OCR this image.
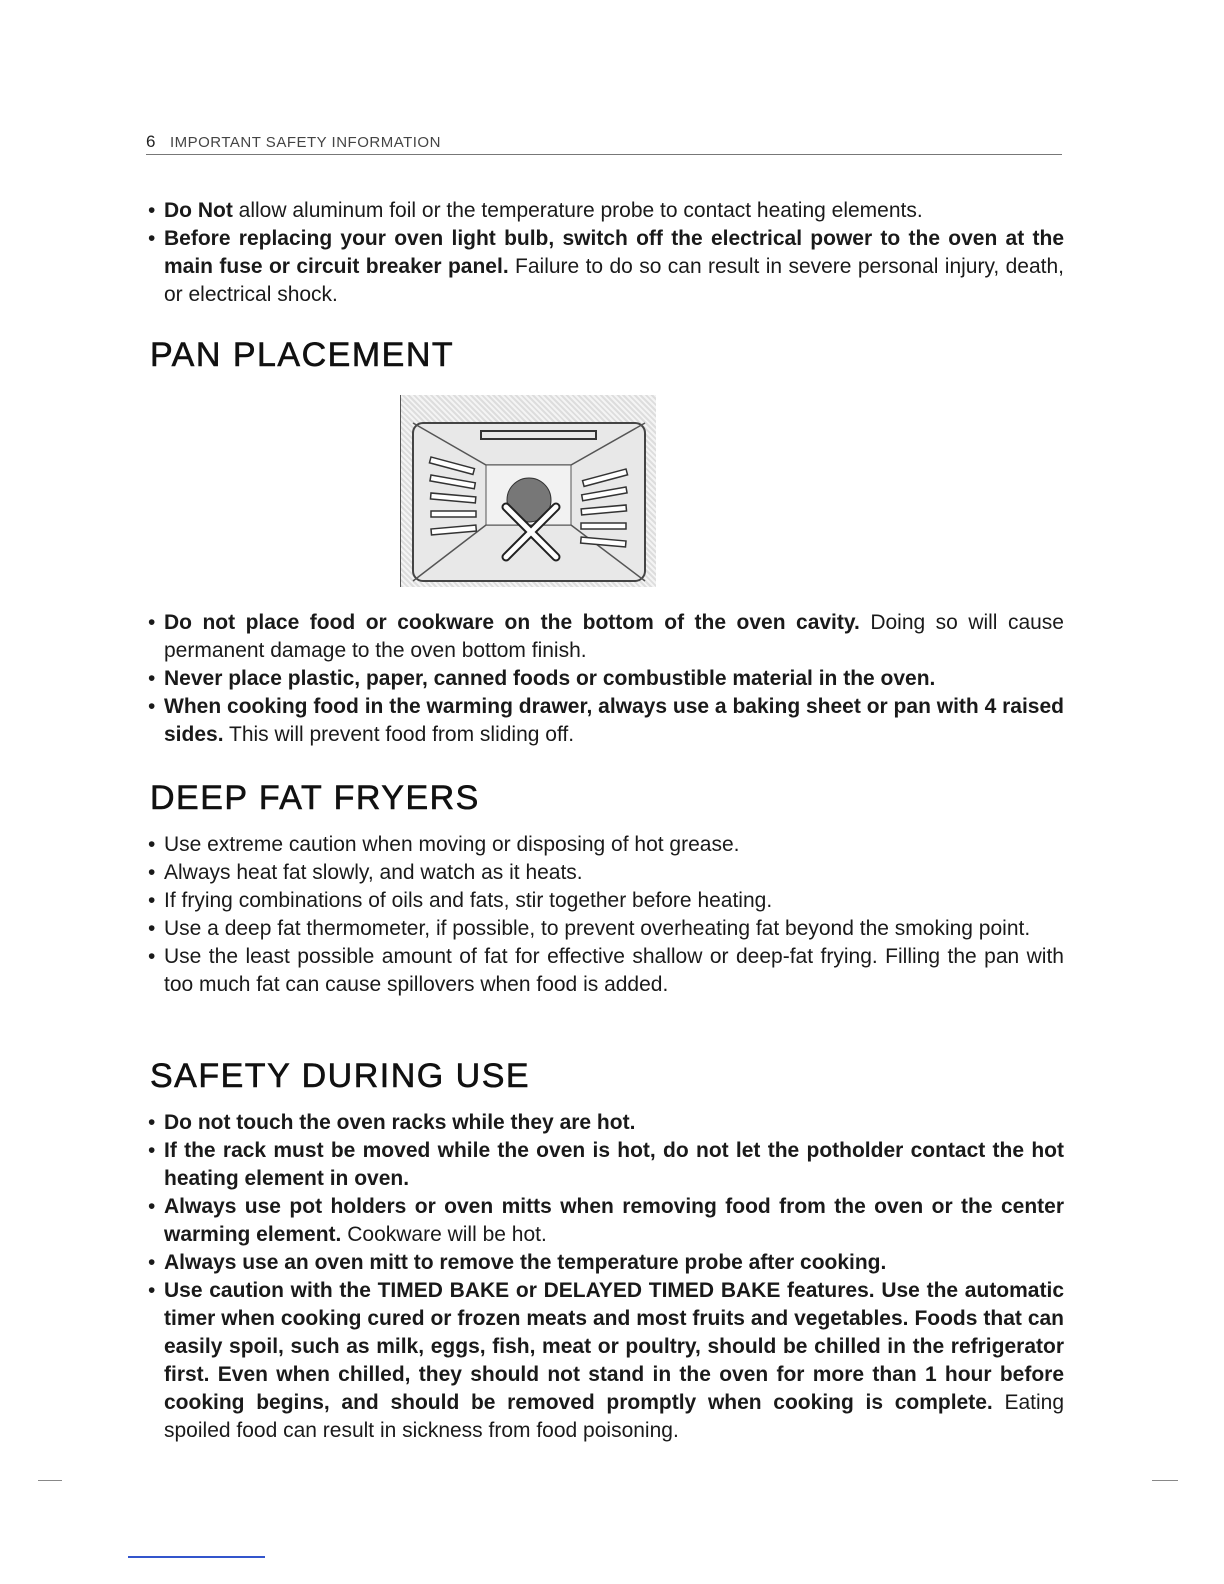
6 IMPORTANT SAFETY INFORMATION
• Do Not allow aluminum foil or the temperature probe to contact heating elements.
• Before replacing your oven light bulb, switch off the electrical power to the oven at the main fuse or circuit breaker panel. Failure to do so can result in severe personal injury, death, or electrical shock.
PAN PLACEMENT
• Do not place food or cookware on the bottom of the oven cavity. Doing so will cause permanent damage to the oven bottom finish.
• Never place plastic, paper, canned foods or combustible material in the oven.
• When cooking food in the warming drawer, always use a baking sheet or pan with 4 raised sides. This will prevent food from sliding off.
DEEP FAT FRYERS
• Use extreme caution when moving or disposing of hot grease.
• Always heat fat slowly, and watch as it heats.
• If frying combinations of oils and fats, stir together before heating.
• Use a deep fat thermometer, if possible, to prevent overheating fat beyond the smoking point.
• Use the least possible amount of fat for effective shallow or deep-fat frying. Filling the pan with too much fat can cause spillovers when food is added.
SAFETY DURING USE
• Do not touch the oven racks while they are hot.
• If the rack must be moved while the oven is hot, do not let the potholder contact the hot heating element in oven.
• Always use pot holders or oven mitts when removing food from the oven or the center warming element. Cookware will be hot.
• Always use an oven mitt to remove the temperature probe after cooking.
• Use caution with the TIMED BAKE or DELAYED TIMED BAKE features. Use the automatic timer when cooking cured or frozen meats and most fruits and vegetables. Foods that can easily spoil, such as milk, eggs, fish, meat or poultry, should be chilled in the refrigerator first. Even when chilled, they should not stand in the oven for more than 1 hour before cooking begins, and should be removed promptly when cooking is complete. Eating spoiled food can result in sickness from food poisoning.
